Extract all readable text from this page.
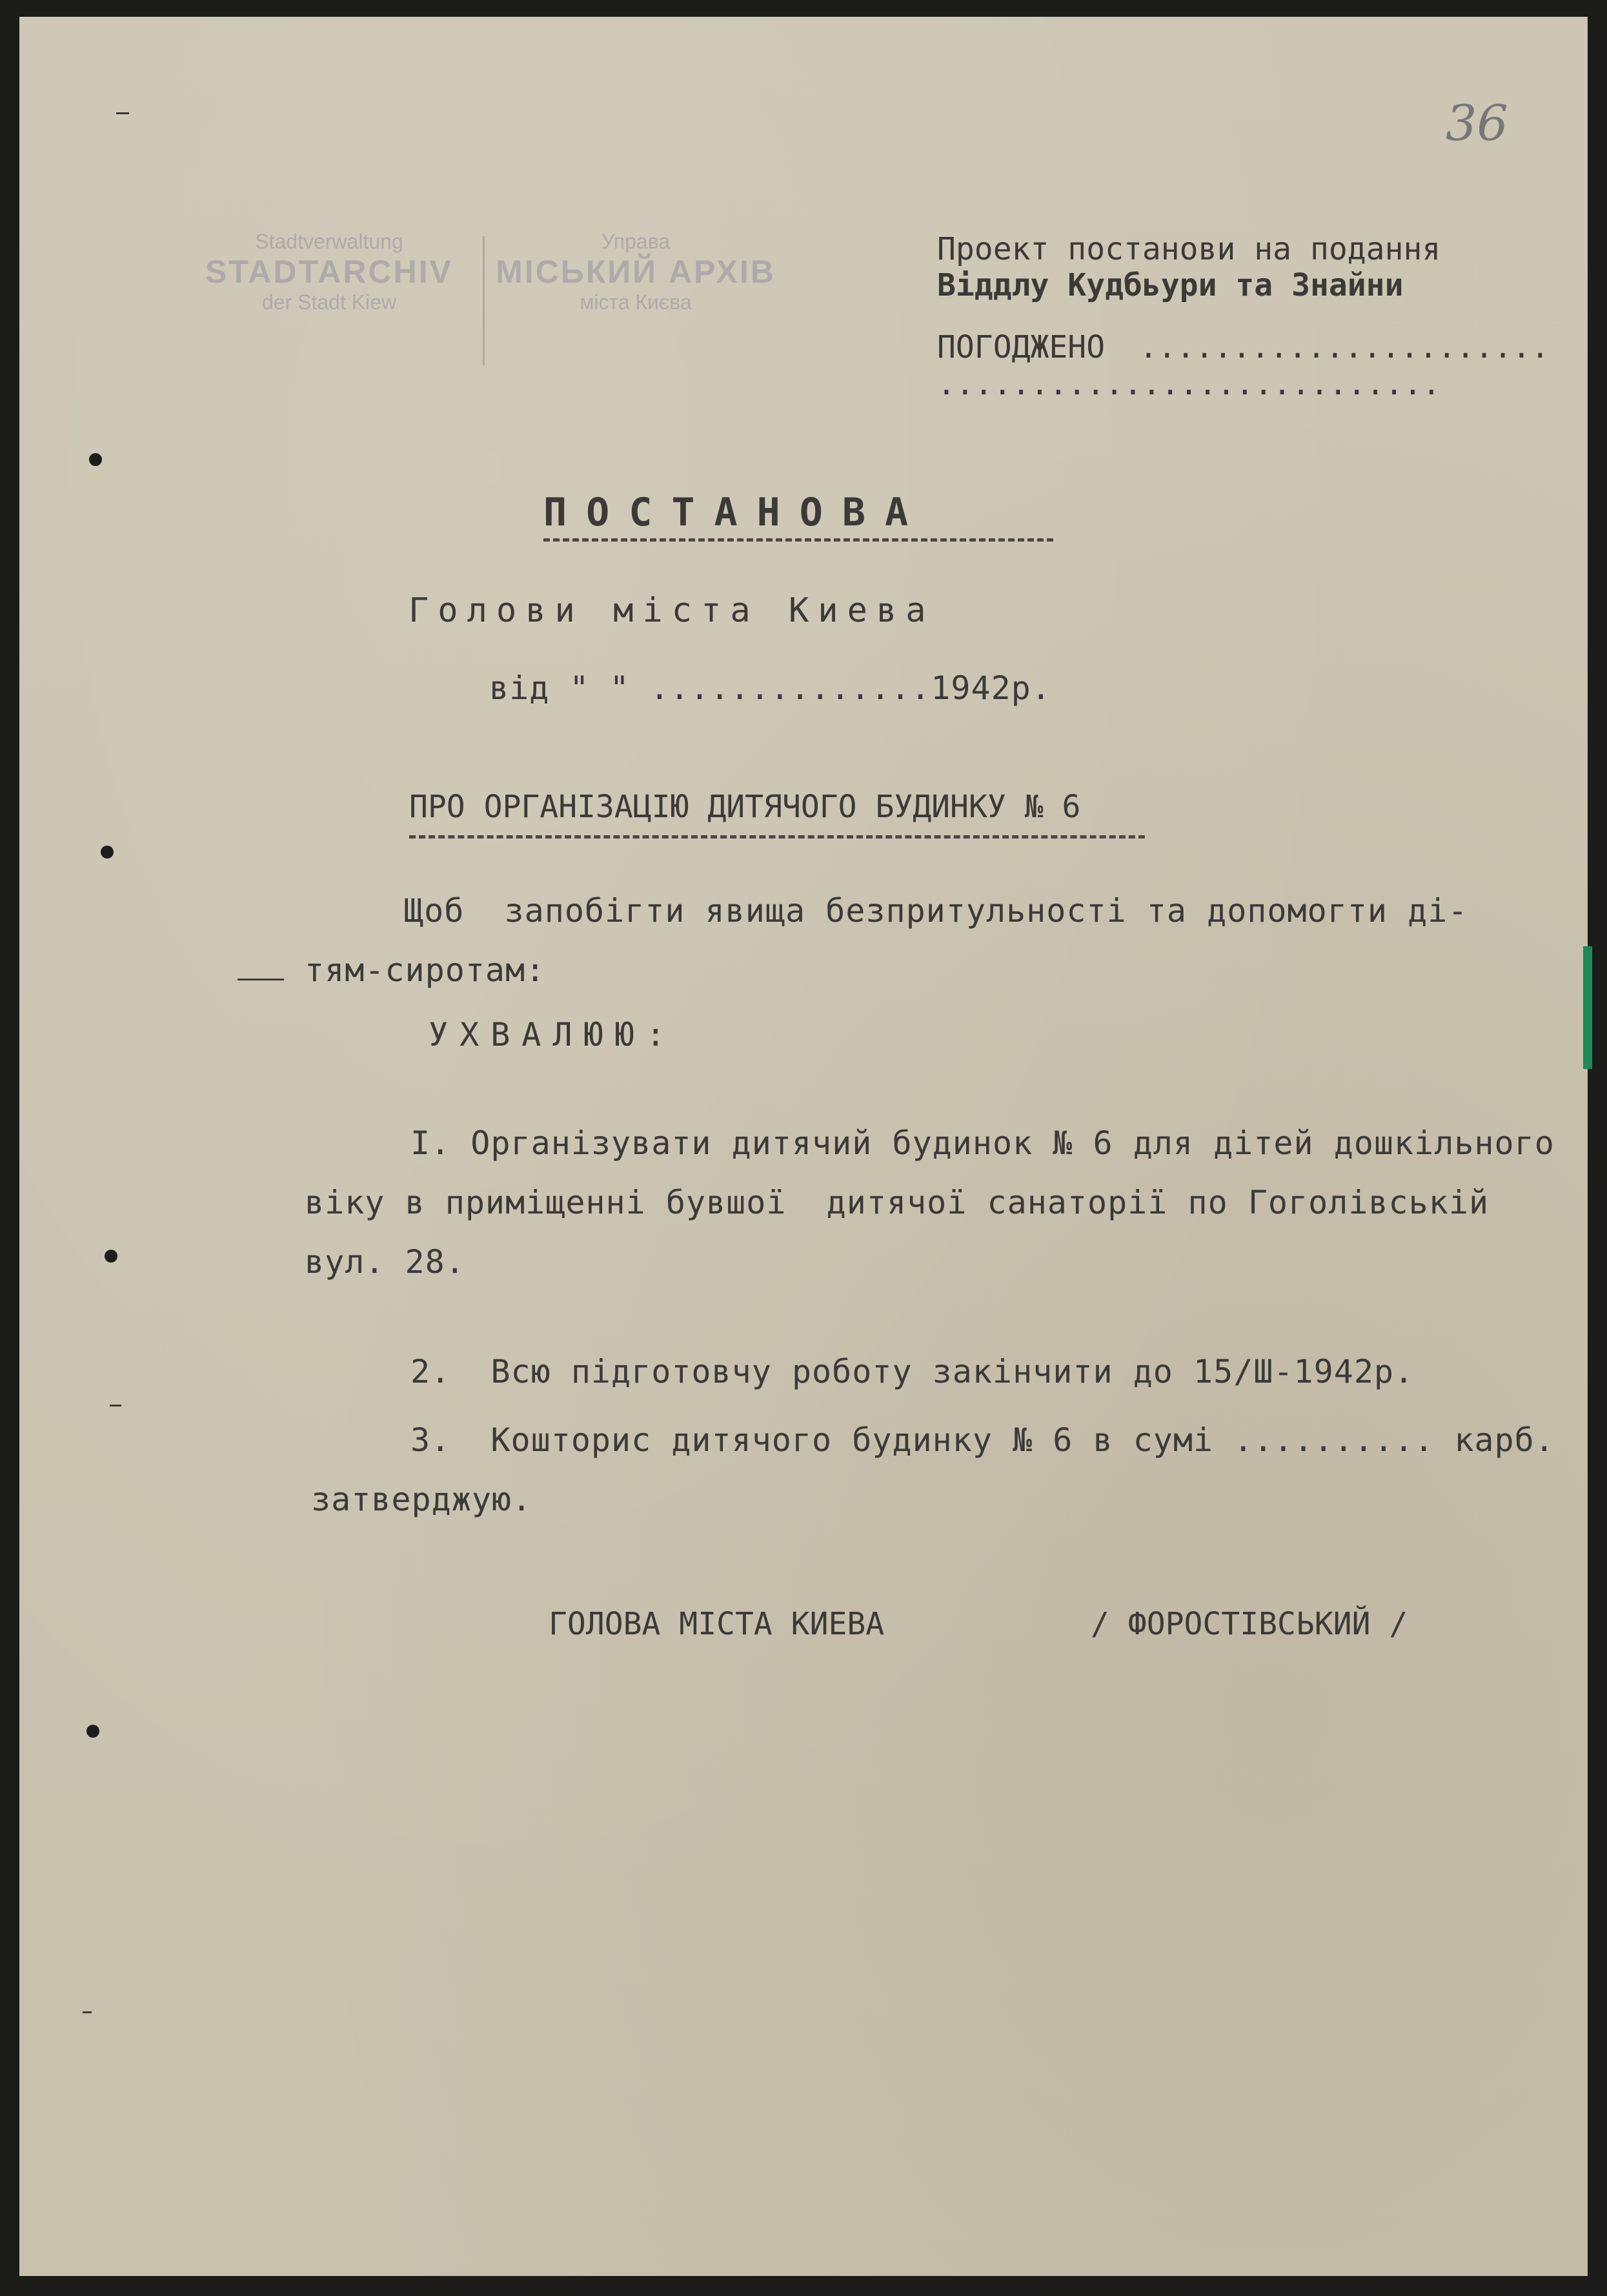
36
Stadtverwaltung
STADTARCHIV
der Stadt Kiew
Управа
МІСЬКИЙ АРХІВ
міста Києва
Проект постанови на подання
Віддлу Кудбьури та Знайни
ПОГОДЖЕНО ......................
...........................
ПОСТАНОВА
Голови міста Киева
від " " ..............1942р.
ПРО ОРГАНІЗАЦІЮ ДИТЯЧОГО БУДИНКУ № 6
Щоб  запобігти явища безпритульності та допомогти ді-
тям-сиротам:
УХВАЛЮЮ:
І. Організувати дитячий будинок № 6 для дітей дошкільного
віку в приміщенні бувшої  дитячої санаторії по Гоголівській
вул. 28.
2.  Всю підготовчу роботу закінчити до 15/Ш-1942р.
3.  Кошторис дитячого будинку № 6 в сумі .......... карб.
затверджую.
ГОЛОВА МІСТА КИЕВА	/ ФОРОСТІВСЬКИЙ /
